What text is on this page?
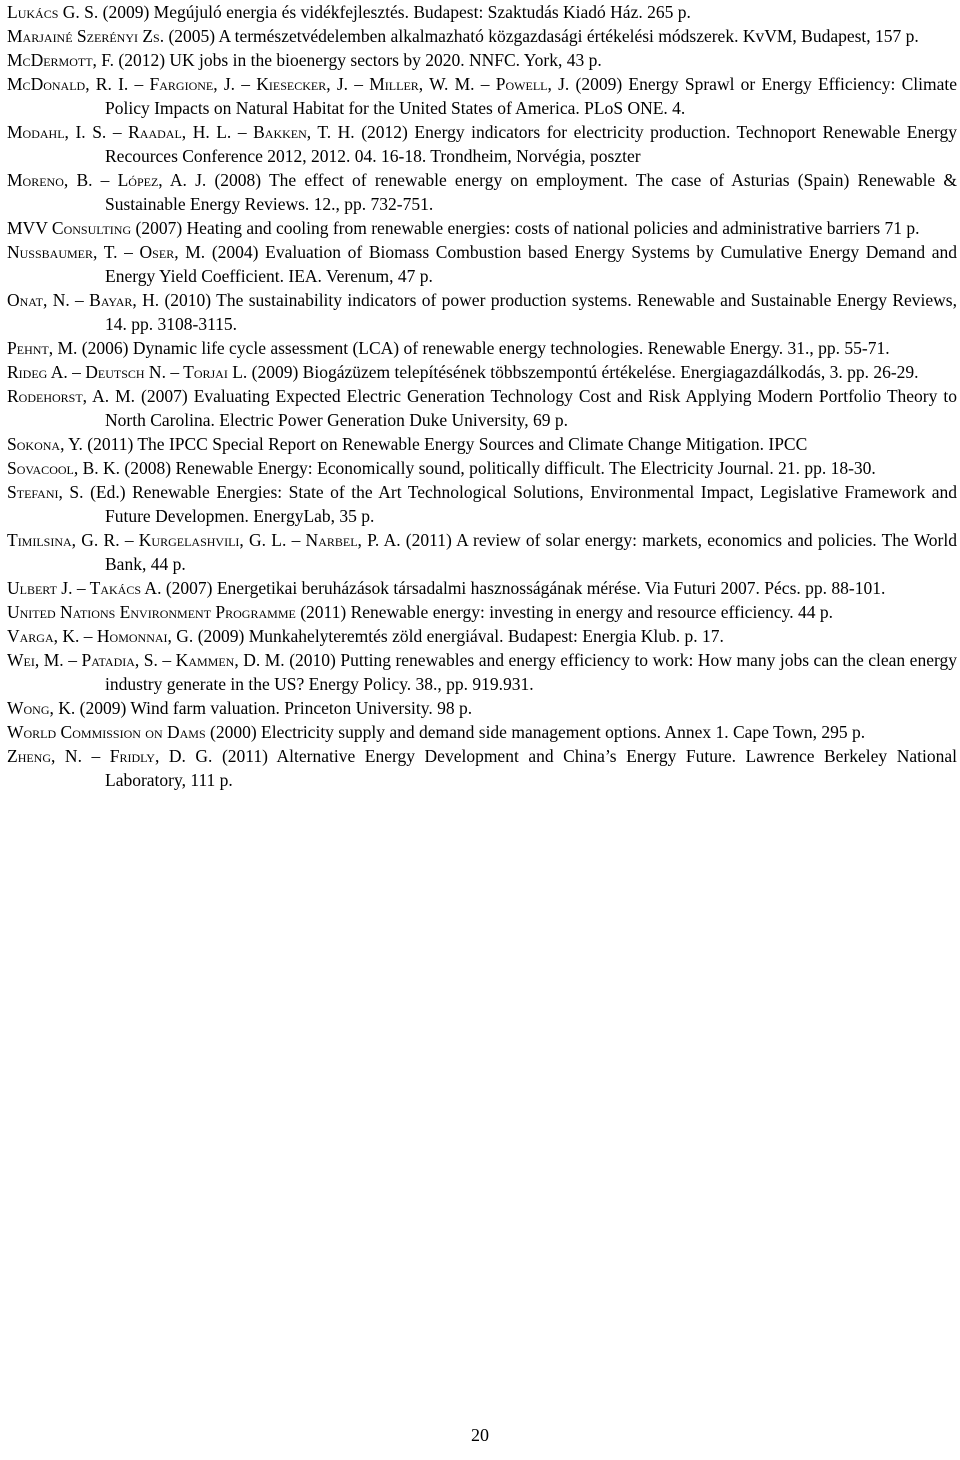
Lukács G. S. (2009) Megújuló energia és vidékfejlesztés. Budapest: Szaktudás Kiadó Ház. 265 p.
Marjainé Szerényi Zs. (2005) A természetvédelemben alkalmazható közgazdasági értékelési módszerek. KvVM, Budapest, 157 p.
McDermott, F. (2012) UK jobs in the bioenergy sectors by 2020. NNFC. York, 43 p.
McDonald, R. I. – Fargione, J. – Kiesecker, J. – Miller, W. M. – Powell, J. (2009) Energy Sprawl or Energy Efficiency: Climate Policy Impacts on Natural Habitat for the United States of America. PLoS ONE. 4.
Modahl, I. S. – Raadal, H. L. – Bakken, T. H. (2012) Energy indicators for electricity production. Technoport Renewable Energy Recources Conference 2012, 2012. 04. 16-18. Trondheim, Norvégia, poszter
Moreno, B. – López, A. J. (2008) The effect of renewable energy on employment. The case of Asturias (Spain) Renewable & Sustainable Energy Reviews. 12., pp. 732-751.
MVV Consulting (2007) Heating and cooling from renewable energies: costs of national policies and administrative barriers 71 p.
Nussbaumer, T. – Oser, M. (2004) Evaluation of Biomass Combustion based Energy Systems by Cumulative Energy Demand and Energy Yield Coefficient. IEA. Verenum, 47 p.
Onat, N. – Bayar, H. (2010) The sustainability indicators of power production systems. Renewable and Sustainable Energy Reviews, 14. pp. 3108-3115.
Pehnt, M. (2006) Dynamic life cycle assessment (LCA) of renewable energy technologies. Renewable Energy. 31., pp. 55-71.
Rideg A. – Deutsch N. – Torjai L. (2009) Biogázüzem telepítésének többszempontú értékelése. Energiagazdálkodás, 3. pp. 26-29.
Rodehorst, A. M. (2007) Evaluating Expected Electric Generation Technology Cost and Risk Applying Modern Portfolio Theory to North Carolina. Electric Power Generation Duke University, 69 p.
Sokona, Y. (2011) The IPCC Special Report on Renewable Energy Sources and Climate Change Mitigation. IPCC
Sovacool, B. K. (2008) Renewable Energy: Economically sound, politically difficult. The Electricity Journal. 21. pp. 18-30.
Stefani, S. (Ed.) Renewable Energies: State of the Art Technological Solutions, Environmental Impact, Legislative Framework and Future Developmen. EnergyLab, 35 p.
Timilsina, G. R. – Kurgelashvili, G. L. – Narbel, P. A. (2011) A review of solar energy: markets, economics and policies. The World Bank, 44 p.
Ulbert J. – Takács A. (2007) Energetikai beruházások társadalmi hasznosságának mérése. Via Futuri 2007. Pécs. pp. 88-101.
United Nations Environment Programme (2011) Renewable energy: investing in energy and resource efficiency. 44 p.
Varga, K. – Homonnai, G. (2009) Munkahelyteremtés zöld energiával. Budapest: Energia Klub. p. 17.
Wei, M. – Patadia, S. – Kammen, D. M. (2010) Putting renewables and energy efficiency to work: How many jobs can the clean energy industry generate in the US? Energy Policy. 38., pp. 919.931.
Wong, K. (2009) Wind farm valuation. Princeton University. 98 p.
World Commission on Dams (2000) Electricity supply and demand side management options. Annex 1. Cape Town, 295 p.
Zheng, N. – Fridly, D. G. (2011) Alternative Energy Development and China’s Energy Future. Lawrence Berkeley National Laboratory, 111 p.
20
